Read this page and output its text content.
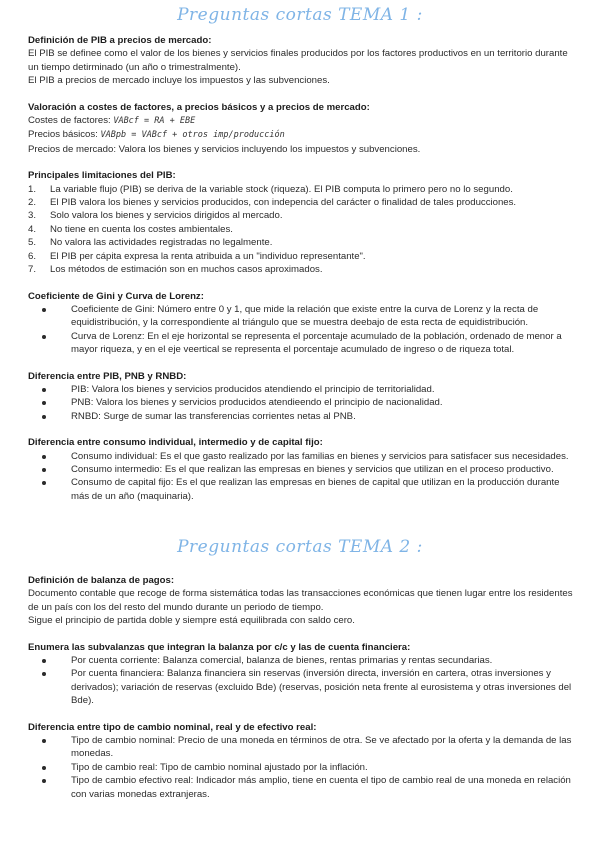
Preguntas cortas TEMA 1 :
Definición de PIB a precios de mercado:

El PIB se definee como el valor de los bienes y servicios finales producidos por los factores productivos en un territorio durante un tiempo detirminado (un año o trimestralmente).

El PIB a precios de mercado incluye los impuestos y las subvenciones.

Valoración a costes de factores, a precios básicos y a precios de mercado:

Costes de factores: VABcf = RA + EBE

Precios básicos: VABpb = VABcf + otros imp/producción

Precios de mercado: Valora los bienes y servicios incluyendo los impuestos y subvenciones.

Principales limitaciones del PIB:
1. La variable flujo (PIB) se deriva de la variable stock (riqueza). El PIB computa lo primero pero no lo segundo.
2. El PIB valora los bienes y servicios producidos, con indepencia del carácter o finalidad de tales producciones.
3. Solo valora los bienes y servicios dirigidos al mercado.
4. No tiene en cuenta los costes ambientales.
5. No valora las actividades registradas no legalmente.
6. El PIB per cápita expresa la renta atribuida a un "individuo representante".
7. Los métodos de estimación son en muchos casos aproximados.
Coeficiente de Gini y Curva de Lorenz:
Coeficiente de Gini: Número entre 0 y 1, que mide la relación que existe entre la curva de Lorenz y la recta de equidistribución, y la correspondiente al triángulo que se muestra deebajo de esta recta de equidistribución.
Curva de Lorenz: En el eje horizontal se representa el porcentaje acumulado de la población, ordenado de menor a mayor riqueza, y en el eje veertical se representa el porcentaje acumulado de ingreso o de riqueza total.
Diferencia entre PIB, PNB y RNBD:
PIB: Valora los bienes y servicios producidos atendiendo el principio de territorialidad.
PNB: Valora los bienes y servicios producidos atendieendo el principio de nacionalidad.
RNBD: Surge de sumar las transferencias corrientes netas al PNB.
Diferencia entre consumo individual, intermedio y de capital fijo:
Consumo individual: Es el que gasto realizado por las familias en bienes y servicios para satisfacer sus necesidades.
Consumo intermedio: Es el que realizan las empresas en bienes y servicios que utilizan en el proceso productivo.
Consumo de capital fijo: Es el que realizan las empresas en bienes de capital que utilizan en la producción durante más de un año (maquinaria).
Preguntas cortas TEMA 2 :
Definición de balanza de pagos:

Documento contable que recoge de forma sistemática todas las transacciones económicas que tienen lugar entre los residentes de un país con los del resto del mundo durante un periodo de tiempo.

Sigue el principio de partida doble y siempre está equilibrada con saldo cero.

Enumera las subvalanzas que integran la balanza por c/c y las de cuenta financiera:
Por cuenta corriente: Balanza comercial, balanza de bienes, rentas primarias y rentas secundarias.
Por cuenta financiera: Balanza financiera sin reservas (inversión directa, inversión en cartera, otras inversiones y derivados); variación de reservas (excluido Bde) (reservas, posición neta frente al eurosistema y otras inversiones del Bde).
Diferencia entre tipo de cambio nominal, real y de efectivo real:
Tipo de cambio nominal: Precio de una moneda en términos de otra. Se ve afectado por la oferta y la demanda de las monedas.
Tipo de cambio real: Tipo de cambio nominal ajustado por la inflación.
Tipo de cambio efectivo real: Indicador más amplio, tiene en cuenta el tipo de cambio real de una moneda en relación con varias monedas extranjeras.
